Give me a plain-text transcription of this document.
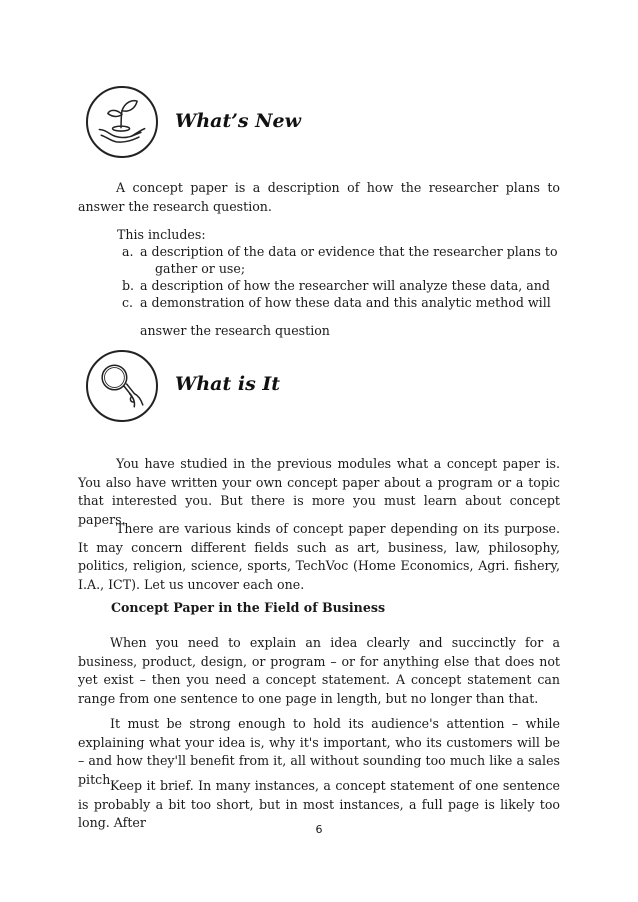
What’s New

A concept paper is a description of how the researcher plans to answer the research question.

This includes:
a. a description of the data or evidence that the researcher plans to
gather or use;
b. a description of how the researcher will analyze these data, and
c. a demonstration of how these data and this analytic method will
answer the research question
What is It

You have studied in the previous modules what a concept paper is. You also have written your own concept paper about a program or a topic that interested you. But there is more you must learn about concept papers.

There are various kinds of concept paper depending on its purpose. It may concern different fields such as art, business, law, philosophy, politics, religion, science, sports, TechVoc (Home Economics, Agri. fishery, I.A., ICT). Let us uncover each one.

Concept Paper in the Field of Business

When you need to explain an idea clearly and succinctly for a business, product, design, or program – or for anything else that does not yet exist – then you need a concept statement. A concept statement can range from one sentence to one page in length, but no longer than that.

It must be strong enough to hold its audience's attention – while explaining what your idea is, why it's important, who its customers will be – and how they'll benefit from it, all without sounding too much like a sales pitch.

Keep it brief. In many instances, a concept statement of one sentence is probably a bit too short, but in most instances, a full page is likely too long. After	6
